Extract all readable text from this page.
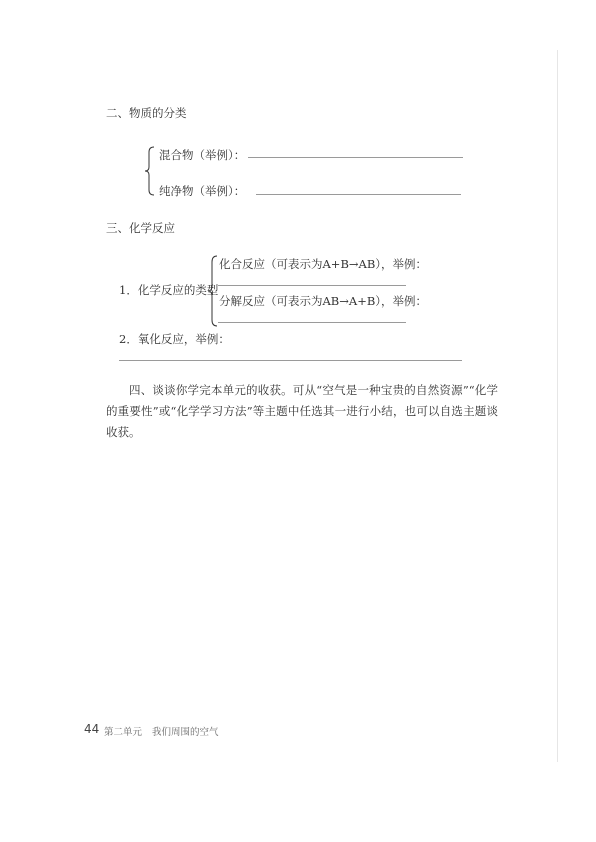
二、物质的分类
混合物（举例）：
纯净物（举例）：
三、化学反应
1．化学反应的类型
化合反应（可表示为A+B→AB），举例：
分解反应（可表示为AB→A+B），举例：
2．氧化反应，举例：
四、谈谈你学完本单元的收获。可从“空气是一种宝贵的自然资源”“化学的重要性”或“化学学习方法”等主题中任选其一进行小结，也可以自选主题谈收获。
44 第二单元 我们周围的空气
